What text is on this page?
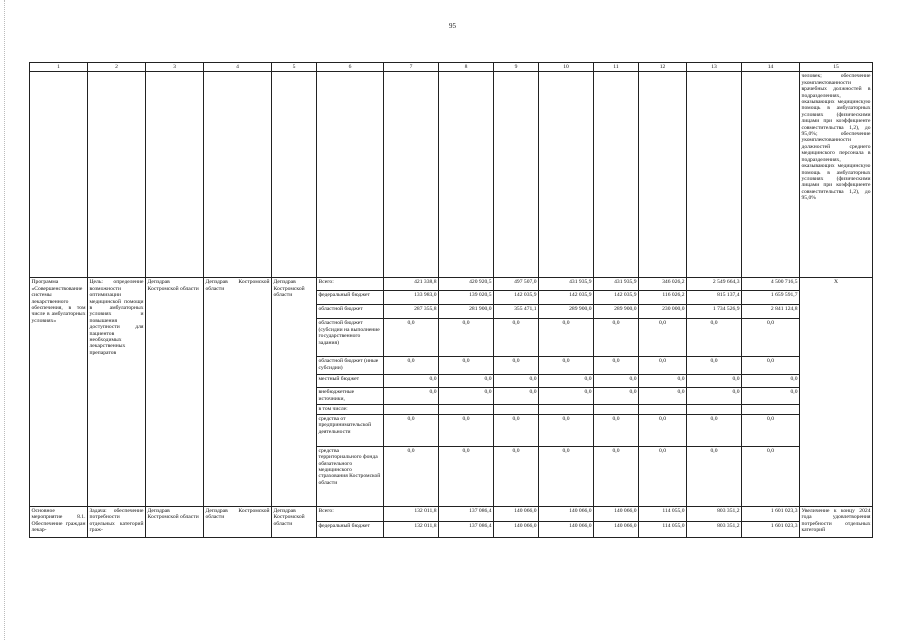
95
1	2	3	4	5	6	7	8	9	10	11	12	13	14	15
														человек; обеспечение укомплектованности врачебных должностей в подразделениях, оказывающих медицинскую помощь в амбулаторных условиях (физическими лицами при коэффициенте совместительства 1,2), до 95,0%; обеспечение укомплектованности должностей среднего медицинского персонала в подразделениях, оказывающих медицинскую помощь в амбулаторных условиях (физическими лицами при коэффициенте совместительства 1,2), до 95,0%
Программа «Совершенствование системы лекарственного обеспечения, в том числе в амбулаторных условиях»	Цель: определение возможности оптимизации медицинской помощи в амбулаторных условиях и повышения доступности для пациентов необходимых лекарственных препаратов	Депздрав Костромской области	Депздрав Костромской области	Депздрав Костромской области	Всего:	421 338,8	420 920,5	497 507,0	431 935,9	431 935,9	346 026,2	2 549 664,3	4 500 716,5	X
					федеральный бюджет	133 983,0	139 020,5	142 035,9	142 035,9	142 035,9	116 026,2	815 137,4	1 659 591,7	
					областной бюджет	287 355,8	281 900,0	355 471,1	289 900,0	289 900,0	230 000,0	1 734 526,9	2 841 124,8	
					областной бюджет (субсидии на выполнение государственного задания)	0,0	0,0	0,0	0,0	0,0	0,0	0,0	0,0	
					областной бюджет (иные субсидии)	0,0	0,0	0,0	0,0	0,0	0,0	0,0	0,0	
					местный бюджет	0,0	0,0	0,0	0,0	0,0	0,0	0,0	0,0	
					внебюджетные источники,	0,0	0,0	0,0	0,0	0,0	0,0	0,0	0,0	
					в том числе:									
					средства от предпринимательской деятельности	0,0	0,0	0,0	0,0	0,0	0,0	0,0	0,0	
					средства территориального фонда обязательного медицинского страхования Костромской области	0,0	0,0	0,0	0,0	0,0	0,0	0,0	0,0	
Основное мероприятие 8.1. Обеспечение граждан лекар-	Задача: обеспечение потребности отдельных категорий граж-	Депздрав Костромской области	Депздрав Костромской области	Депздрав Костромской области	Всего:	132 011,8	137 086,4	140 066,0	140 066,0	140 066,0	114 055,0	803 351,2	1 601 023,3	Увеличение к концу 2024 года удовлетворения потребности отдельных категорий
					федеральный бюджет	132 011,8	137 086,4	140 066,0	140 066,0	140 066,0	114 055,0	803 351,2	1 601 023,3	
